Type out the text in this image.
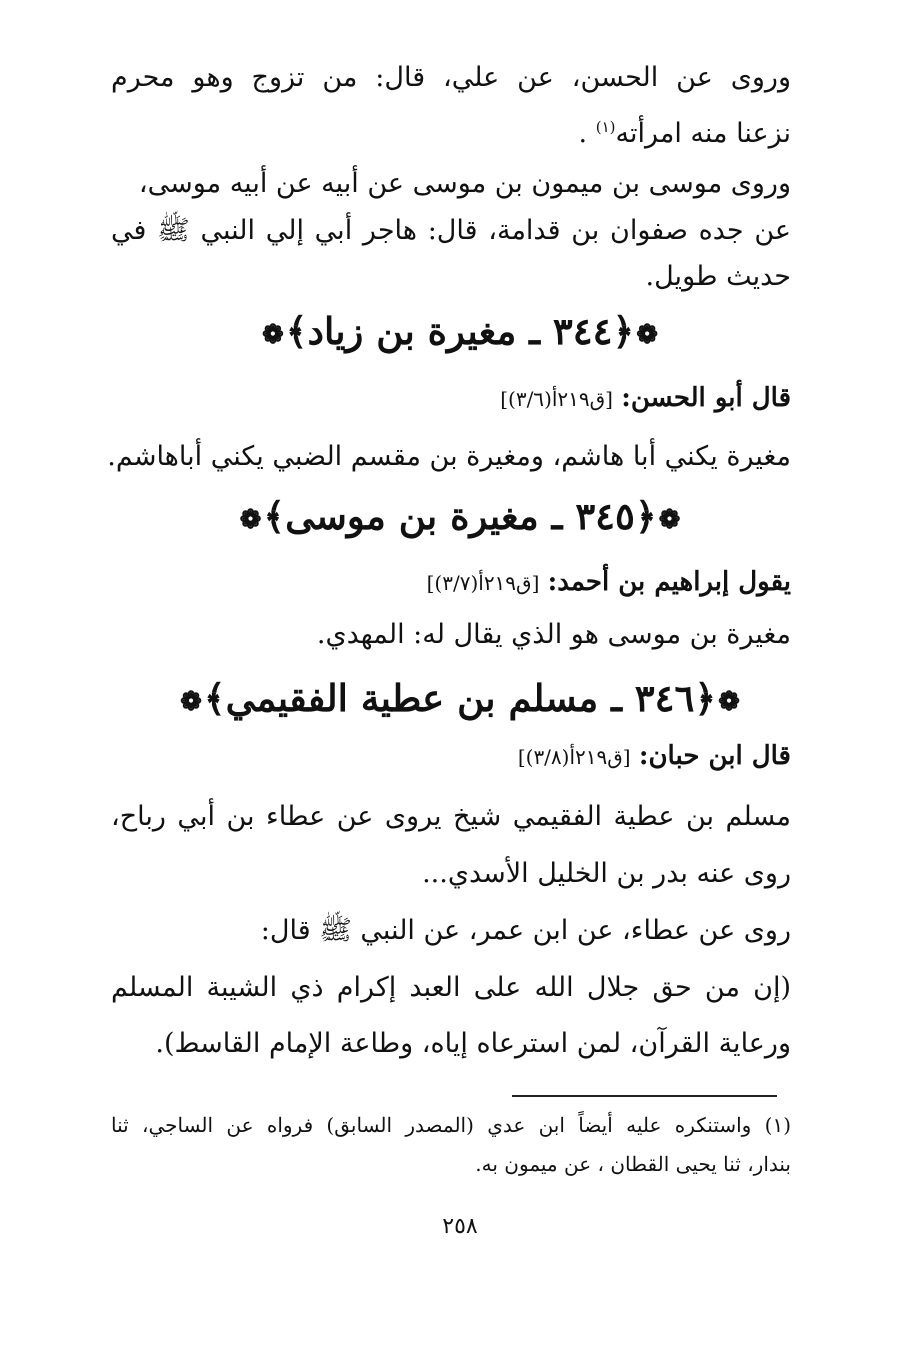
وروى عن الحسن، عن علي، قال: من تزوج وهو محرم
نزعنا منه امرأته$^{(١)}$ .
وروى موسى بن ميمون بن موسى عن أبيه عن أبيه موسى،
عن جده صفوان بن قدامة، قال: هاجر أبي إلي النبي ﷺ في
حديث طويل.
❁﴿٣٤٤ ـ مغيرة بن زياد﴾❁
قال أبو الحسن: [ق٢١٩أ(٣/٦)]
مغيرة يكني أبا هاشم، ومغيرة بن مقسم الضبي يكني أباهاشم.
❁﴿٣٤٥ ـ مغيرة بن موسى﴾❁
يقول إبراهيم بن أحمد: [ق٢١٩أ(٣/٧)]
مغيرة بن موسى هو الذي يقال له: المهدي.
❁﴿٣٤٦ ـ مسلم بن عطية الفقيمي﴾❁
قال ابن حبان: [ق٢١٩أ(٣/٨)]
مسلم بن عطية الفقيمي شيخ يروى عن عطاء بن أبي رباح،
روى عنه بدر بن الخليل الأسدي...
روى عن عطاء، عن ابن عمر، عن النبي ﷺ قال:
(إن من حق جلال الله على العبد إكرام ذي الشيبة المسلم
ورعاية القرآن، لمن استرعاه إياه، وطاعة الإمام القاسط).
(١) واستنكره عليه أيضاً ابن عدي (المصدر السابق) فرواه عن الساجي، ثنا
بندار، ثنا يحيى القطان ، عن ميمون به.
٢٥٨
